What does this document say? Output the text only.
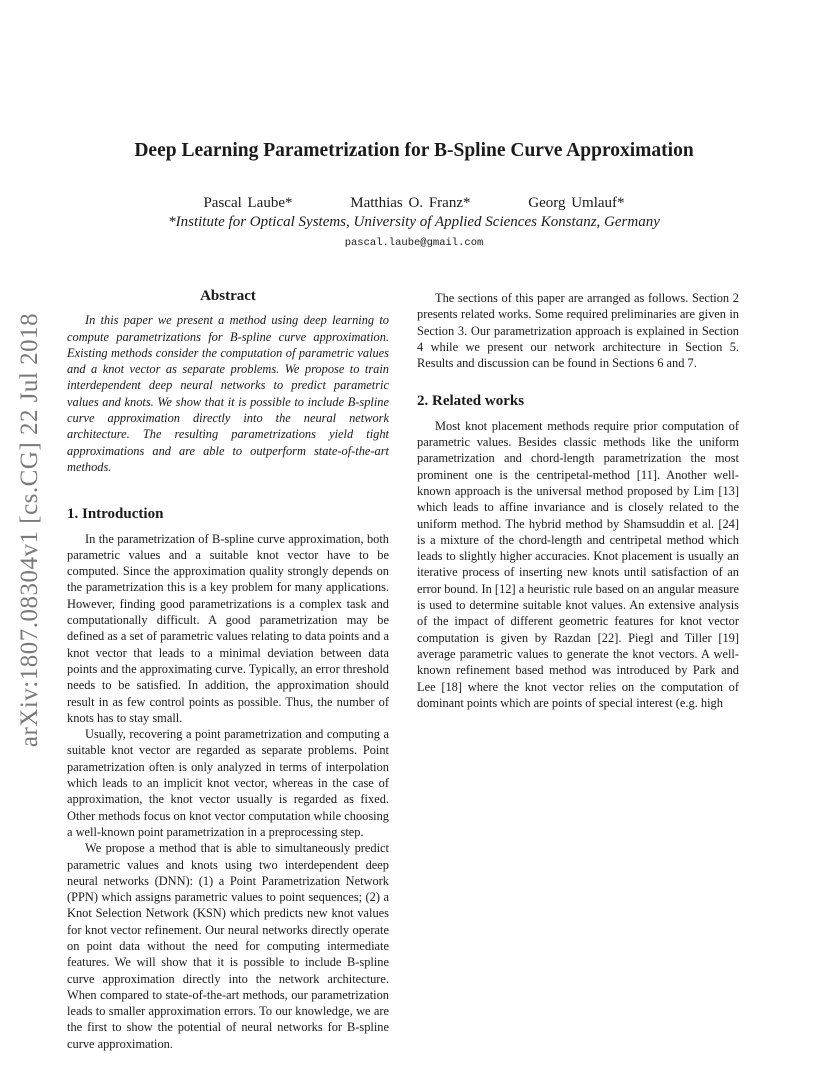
arXiv:1807.08304v1 [cs.CG] 22 Jul 2018
Deep Learning Parametrization for B-Spline Curve Approximation
Pascal Laube*	Matthias O. Franz*	Georg Umlauf*
*Institute for Optical Systems, University of Applied Sciences Konstanz, Germany
pascal.laube@gmail.com
Abstract

In this paper we present a method using deep learning to compute parametrizations for B-spline curve approximation. Existing methods consider the computation of parametric values and a knot vector as separate problems. We propose to train interdependent deep neural networks to predict parametric values and knots. We show that it is possible to include B-spline curve approximation directly into the neural network architecture. The resulting parametrizations yield tight approximations and are able to outperform state-of-the-art methods.

1. Introduction

In the parametrization of B-spline curve approximation, both parametric values and a suitable knot vector have to be computed. Since the approximation quality strongly depends on the parametrization this is a key problem for many applications. However, finding good parametrizations is a complex task and computationally difficult. A good parametrization may be defined as a set of parametric values relating to data points and a knot vector that leads to a minimal deviation between data points and the approximating curve. Typically, an error threshold needs to be satisfied. In addition, the approximation should result in as few control points as possible. Thus, the number of knots has to stay small.

Usually, recovering a point parametrization and computing a suitable knot vector are regarded as separate problems. Point parametrization often is only analyzed in terms of interpolation which leads to an implicit knot vector, whereas in the case of approximation, the knot vector usually is regarded as fixed. Other methods focus on knot vector computation while choosing a well-known point parametrization in a preprocessing step.

We propose a method that is able to simultaneously predict parametric values and knots using two interdependent deep neural networks (DNN): (1) a Point Parametrization Network (PPN) which assigns parametric values to point sequences; (2) a Knot Selection Network (KSN) which predicts new knot values for knot vector refinement. Our neural networks directly operate on point data without the need for computing intermediate features. We will show that it is possible to include B-spline curve approximation directly into the network architecture. When compared to state-of-the-art methods, our parametrization leads to smaller approximation errors. To our knowledge, we are the first to show the potential of neural networks for B-spline curve approximation.

The sections of this paper are arranged as follows. Section 2 presents related works. Some required preliminaries are given in Section 3. Our parametrization approach is explained in Section 4 while we present our network architecture in Section 5. Results and discussion can be found in Sections 6 and 7.

2. Related works

Most knot placement methods require prior computation of parametric values. Besides classic methods like the uniform parametrization and chord-length parametrization the most prominent one is the centripetal-method [11]. Another well-known approach is the universal method proposed by Lim [13] which leads to affine invariance and is closely related to the uniform method. The hybrid method by Shamsuddin et al. [24] is a mixture of the chord-length and centripetal method which leads to slightly higher accuracies. Knot placement is usually an iterative process of inserting new knots until satisfaction of an error bound. In [12] a heuristic rule based on an angular measure is used to determine suitable knot values. An extensive analysis of the impact of different geometric features for knot vector computation is given by Razdan [22]. Piegl and Tiller [19] average parametric values to generate the knot vectors. A well-known refinement based method was introduced by Park and Lee [18] where the knot vector relies on the computation of dominant points which are points of special interest (e.g. high
